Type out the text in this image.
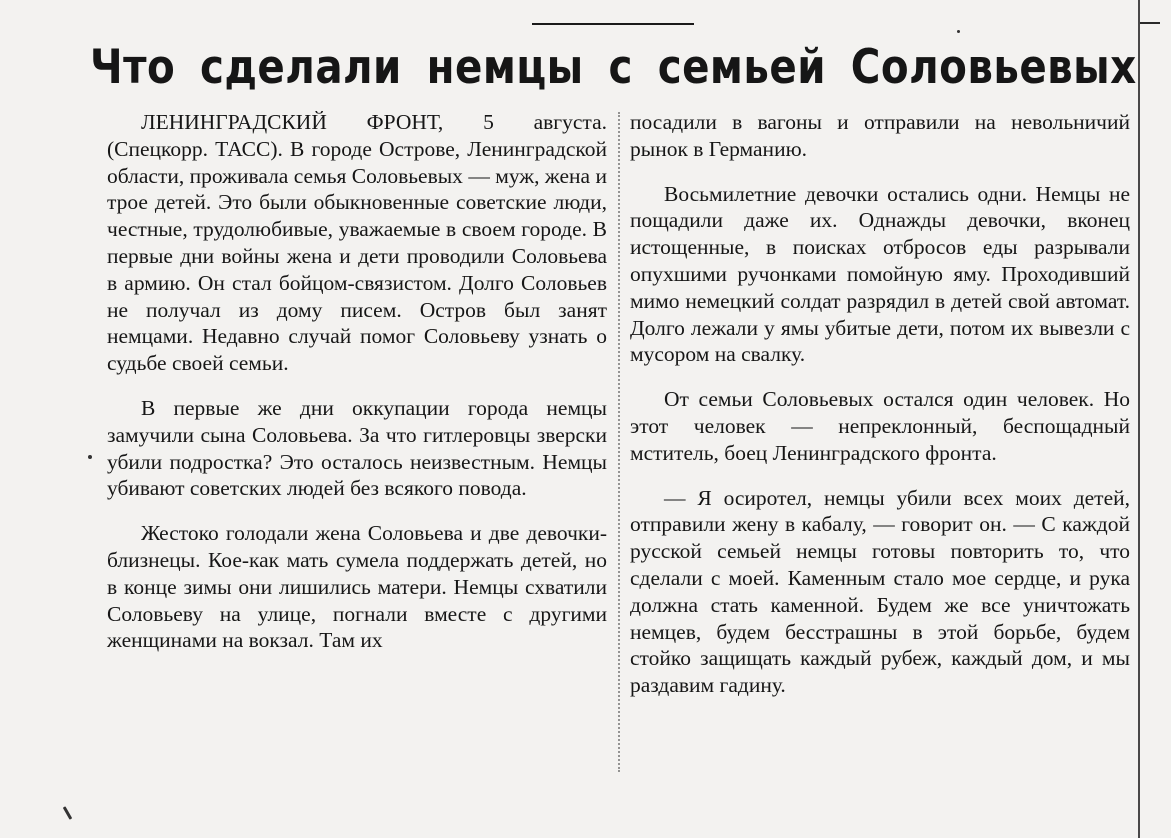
Что сделали немцы с семьей Соловьевых

ЛЕНИНГРАДСКИЙ ФРОНТ, 5 августа. (Спецкорр. ТАСС). В городе Острове, Ленинградской области, проживала семья Соловьевых — муж, жена и трое детей. Это были обыкновенные советские люди, честные, трудолюбивые, уважаемые в своем городе. В первые дни войны жена и дети проводили Соловьева в армию. Он стал бойцом-связистом. Долго Соловьев не получал из дому писем. Остров был занят немцами. Недавно случай помог Соловьеву узнать о судьбе своей семьи.

В первые же дни оккупации города немцы замучили сына Соловьева. За что гитлеровцы зверски убили подростка? Это осталось неизвестным. Немцы убивают советских людей без всякого повода.

Жестоко голодали жена Соловьева и две девочки-близнецы. Кое-как мать сумела поддержать детей, но в конце зимы они лишились матери. Немцы схватили Соловьеву на улице, погнали вместе с другими женщинами на вокзал. Там их

посадили в вагоны и отправили на невольничий рынок в Германию.

Восьмилетние девочки остались одни. Немцы не пощадили даже их. Однажды девочки, вконец истощенные, в поисках отбросов еды разрывали опухшими ручонками помойную яму. Проходивший мимо немецкий солдат разрядил в детей свой автомат. Долго лежали у ямы убитые дети, потом их вывезли с мусором на свалку.

От семьи Соловьевых остался один человек. Но этот человек — непреклонный, беспощадный мститель, боец Ленинградского фронта.

— Я осиротел, немцы убили всех моих детей, отправили жену в кабалу, — говорит он. — С каждой русской семьей немцы готовы повторить то, что сделали с моей. Каменным стало мое сердце, и рука должна стать каменной. Будем же все уничтожать немцев, будем бесстрашны в этой борьбе, будем стойко защищать каждый рубеж, каждый дом, и мы раздавим гадину.
